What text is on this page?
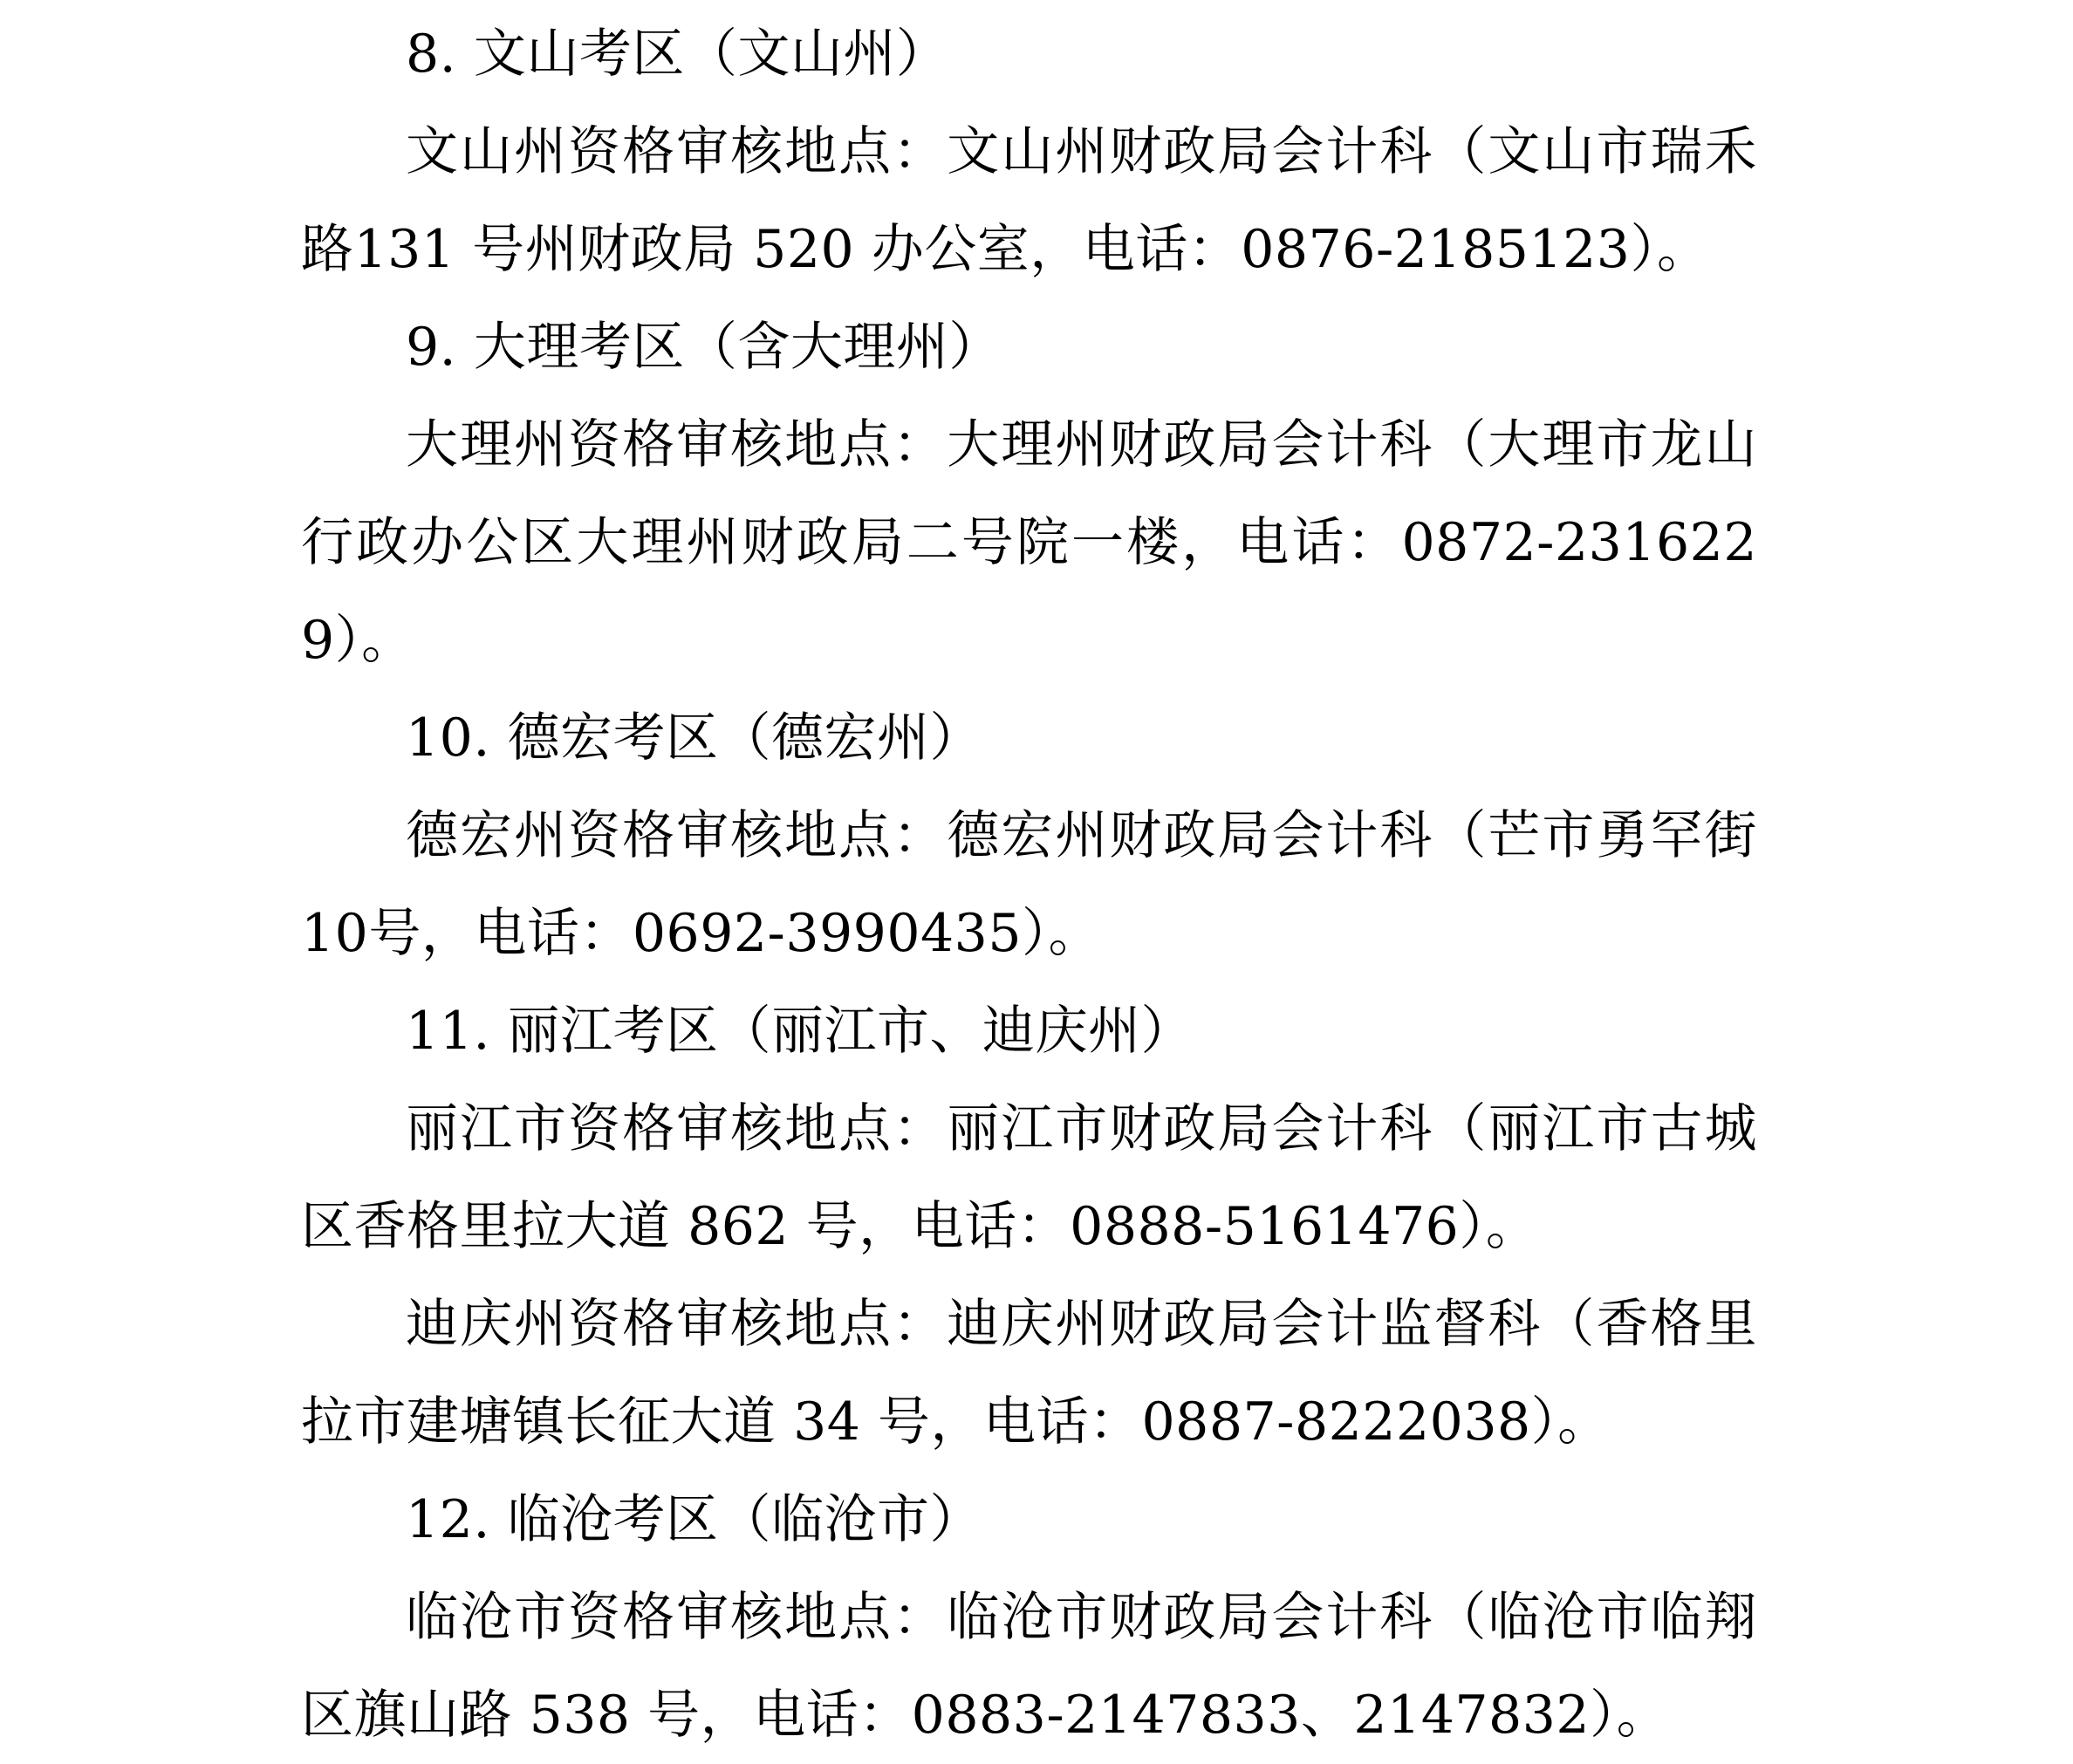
8. 文山考区（文山州）

文山州资格审核地点：文山州财政局会计科（文山市瑞禾路131 号州财政局 520 办公室，电话：0876-2185123）。

9. 大理考区（含大理州）

大理州资格审核地点：大理州财政局会计科（大理市龙山行政办公区大理州财政局二号院一楼，电话：0872-2316229）。

10. 德宏考区（德宏州）

德宏州资格审核地点：德宏州财政局会计科（芒市勇罕街 10号，电话：0692-3990435）。

11. 丽江考区（丽江市、迪庆州）

丽江市资格审核地点：丽江市财政局会计科（丽江市古城区香格里拉大道 862 号，电话：0888-5161476）。

迪庆州资格审核地点：迪庆州财政局会计监督科（香格里拉市建塘镇长征大道 34 号，电话：0887-8222038）。

12. 临沧考区（临沧市）

临沧市资格审核地点：临沧市财政局会计科（临沧市临翔区旗山路 538 号，电话：0883-2147833、2147832）。
